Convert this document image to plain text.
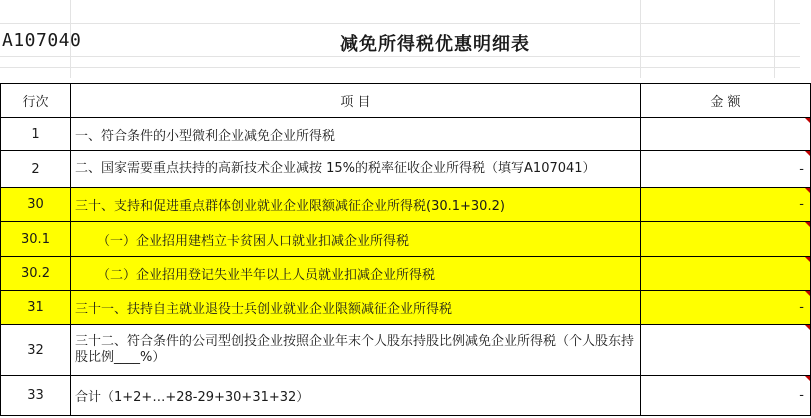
A107040	减免所得税优惠明细表
行次	项 目	金 额
1	一、符合条件的小型微利企业减免企业所得税	

2	二、国家需要重点扶持的高新技术企业减按 15%的税率征收企业所得税（填写A107041）	-
30	三十、支持和促进重点群体创业就业企业限额减征企业所得税(30.1+30.2)	-
30.1	（一）企业招用建档立卡贫困人口就业扣减企业所得税	

30.2	（二）企业招用登记失业半年以上人员就业扣减企业所得税	

31	三十一、扶持自主就业退役士兵创业就业企业限额减征企业所得税	-
32	三十二、符合条件的公司型创投企业按照企业年末个人股东持股比例减免企业所得税（个人股东持股比例____%）	

33	合计（1+2+…+28-29+30+31+32）	-
